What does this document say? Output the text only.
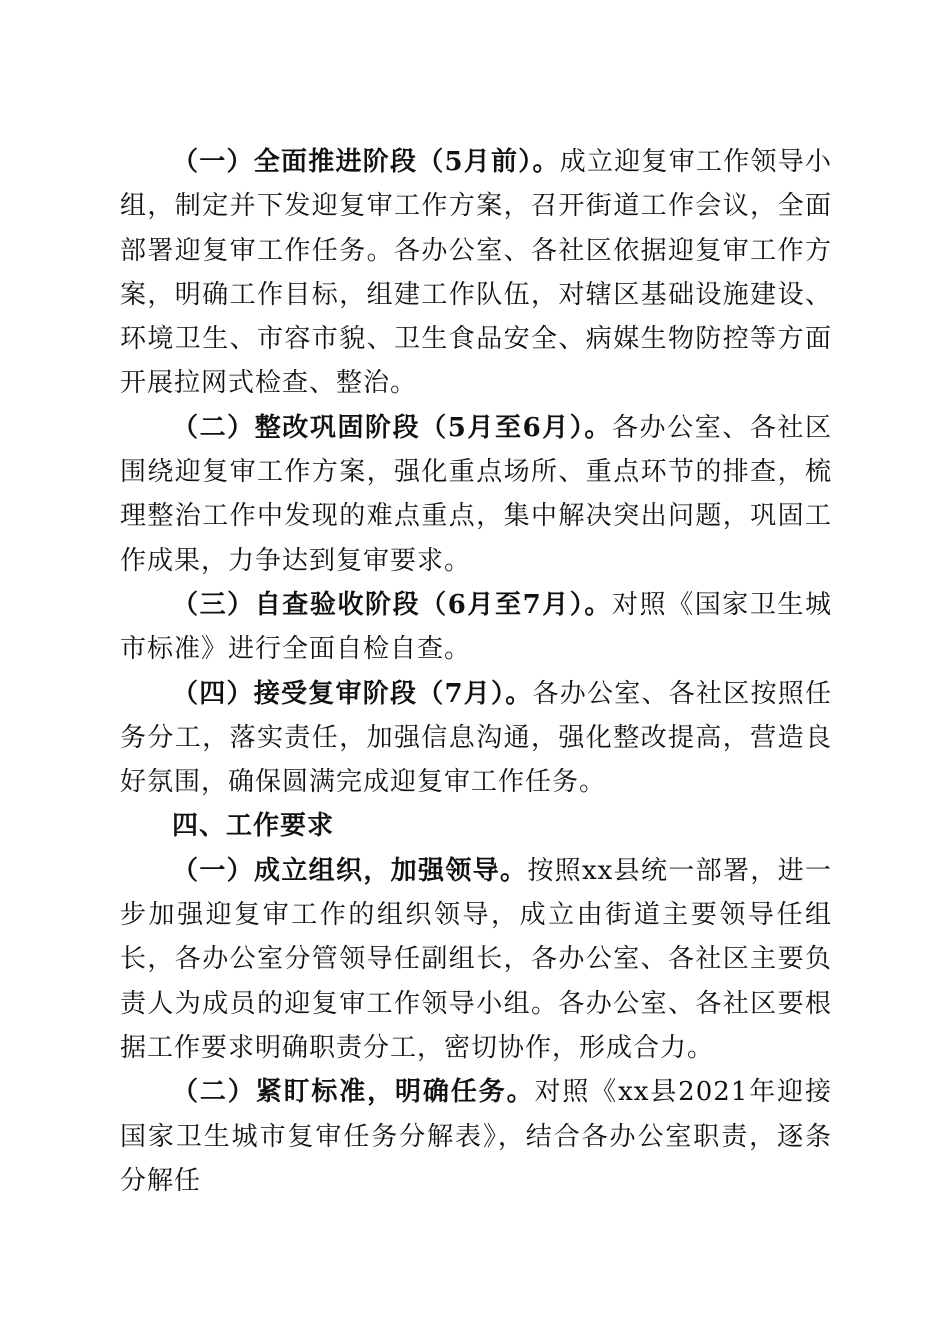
（一）全面推进阶段（5月前）。成立迎复审工作领导小组，制定并下发迎复审工作方案，召开街道工作会议，全面部署迎复审工作任务。各办公室、各社区依据迎复审工作方案，明确工作目标，组建工作队伍，对辖区基础设施建设、环境卫生、市容市貌、卫生食品安全、病媒生物防控等方面开展拉网式检查、整治。

（二）整改巩固阶段（5月至6月）。各办公室、各社区围绕迎复审工作方案，强化重点场所、重点环节的排查，梳理整治工作中发现的难点重点，集中解决突出问题，巩固工作成果，力争达到复审要求。

（三）自查验收阶段（6月至7月）。对照《国家卫生城市标准》进行全面自检自查。

（四）接受复审阶段（7月）。各办公室、各社区按照任务分工，落实责任，加强信息沟通，强化整改提高，营造良好氛围，确保圆满完成迎复审工作任务。

四、工作要求

（一）成立组织，加强领导。按照xx县统一部署，进一步加强迎复审工作的组织领导，成立由街道主要领导任组长，各办公室分管领导任副组长，各办公室、各社区主要负责人为成员的迎复审工作领导小组。各办公室、各社区要根据工作要求明确职责分工，密切协作，形成合力。

（二）紧盯标准，明确任务。对照《xx县2021年迎接国家卫生城市复审任务分解表》，结合各办公室职责，逐条分解任
